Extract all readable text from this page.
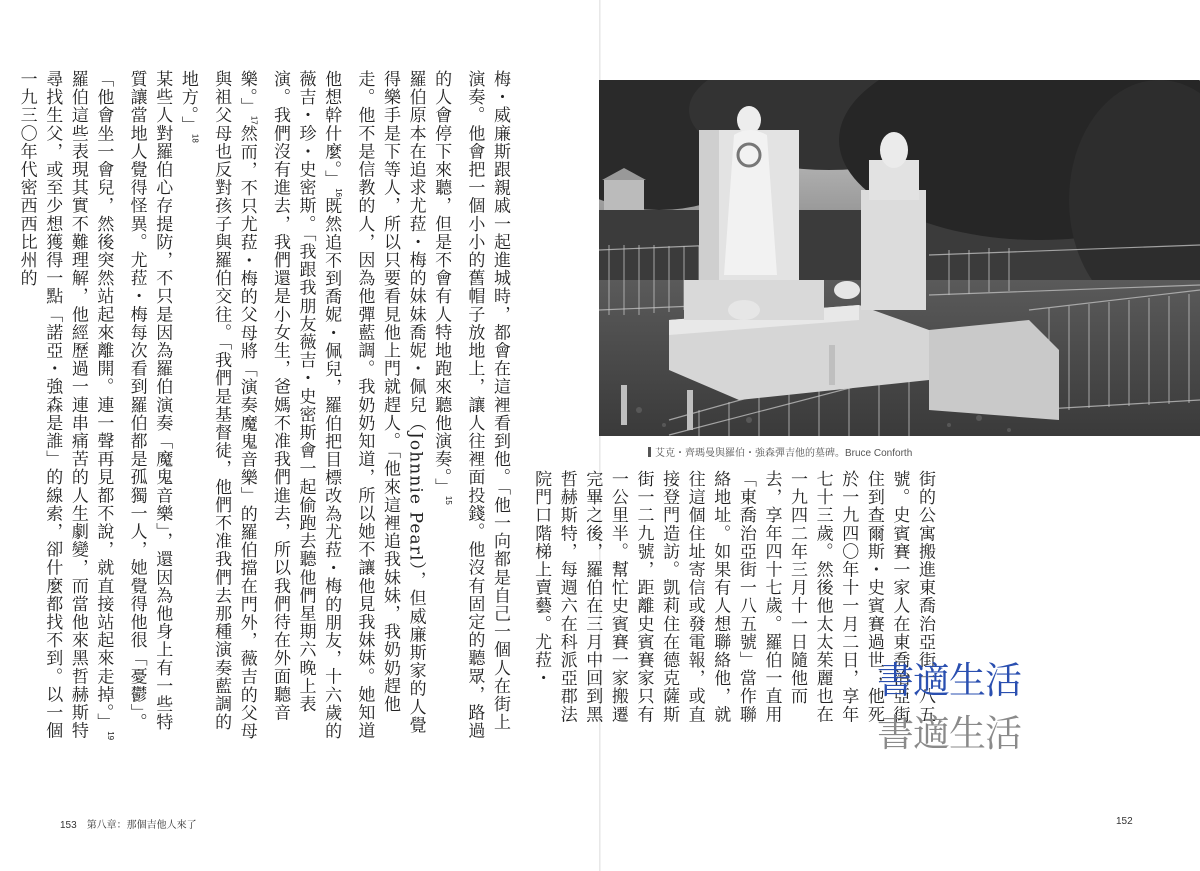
梅・威廉斯跟親戚一起進城時，都會在這裡看到他。「他一向都是自己一個人在街上演奏。他會把一個小小的舊帽子放地上，讓人往裡面投錢。他沒有固定的聽眾，路過的人會停下來聽，但是不會有人特地跑來聽他演奏。」$^{15}$

羅伯原本在追求尤菈・梅的妹妹喬妮・佩兒（Johnnie Pearl），但威廉斯家的人覺得樂手是下等人，所以只要看見他上門就趕人。「他來這裡追我妹妹，我奶奶趕他走。他不是信教的人，因為他彈藍調。我奶奶知道，所以她不讓他見我妹妹。她知道他想幹什麼。」$^{16}$既然追不到喬妮・佩兒，羅伯把目標改為尤菈・梅的朋友，十六歲的薇吉・珍・史密斯。「我跟我朋友薇吉・史密斯會一起偷跑去聽他們星期六晚上表演。我們沒有進去，我們還是小女生，爸媽不准我們進去，所以我們待在外面聽音樂。」$^{17}$然而，不只尤菈・梅的父母將「演奏魔鬼音樂」的羅伯擋在門外，薇吉的父母與祖父母也反對孩子與羅伯交往。「我們是基督徒，他們不准我們去那種演奏藍調的地方。」$^{18}$

某些人對羅伯心存提防，不只是因為羅伯演奏「魔鬼音樂」，還因為他身上有一些特質讓當地人覺得怪異。尤菈・梅每次看到羅伯都是孤獨一人，她覺得他很「憂鬱」。「他會坐一會兒，然後突然站起來離開。連一聲再見都不說，就直接站起來走掉。」$^{19}$羅伯這些表現其實不難理解，他經歷過一連串痛苦的人生劇變，而當他來黑哲赫斯特尋找生父，或至少想獲得一點「諾亞・強森是誰」的線索，卻什麼都找不到。以一個一九三〇年代密西西比州的

艾克・齊瑪曼與羅伯・強森彈吉他的墓碑。Bruce Conforth

街的公寓搬進東喬治亞街一八五號。史賓賽一家人在東喬治亞街住到查爾斯・史賓賽過世；他死於一九四〇年十一月二日，享年七十三歲。然後他太太茱麗也在一九四二年三月十一日隨他而去，享年四十七歲。羅伯一直用「東喬治亞街一八五號」當作聯絡地址。如果有人想聯絡他，就往這個住址寄信或發電報，或直接登門造訪。凱莉住在德克薩斯街一二九號，距離史賓賽家只有一公里半。幫忙史賓賽一家搬遷完畢之後，羅伯在三月中回到黑哲赫斯特，每週六在科派亞郡法院門口階梯上賣藝。尤菈・	書適生活
書適生活
153 第八章：那個吉他人來了	152
